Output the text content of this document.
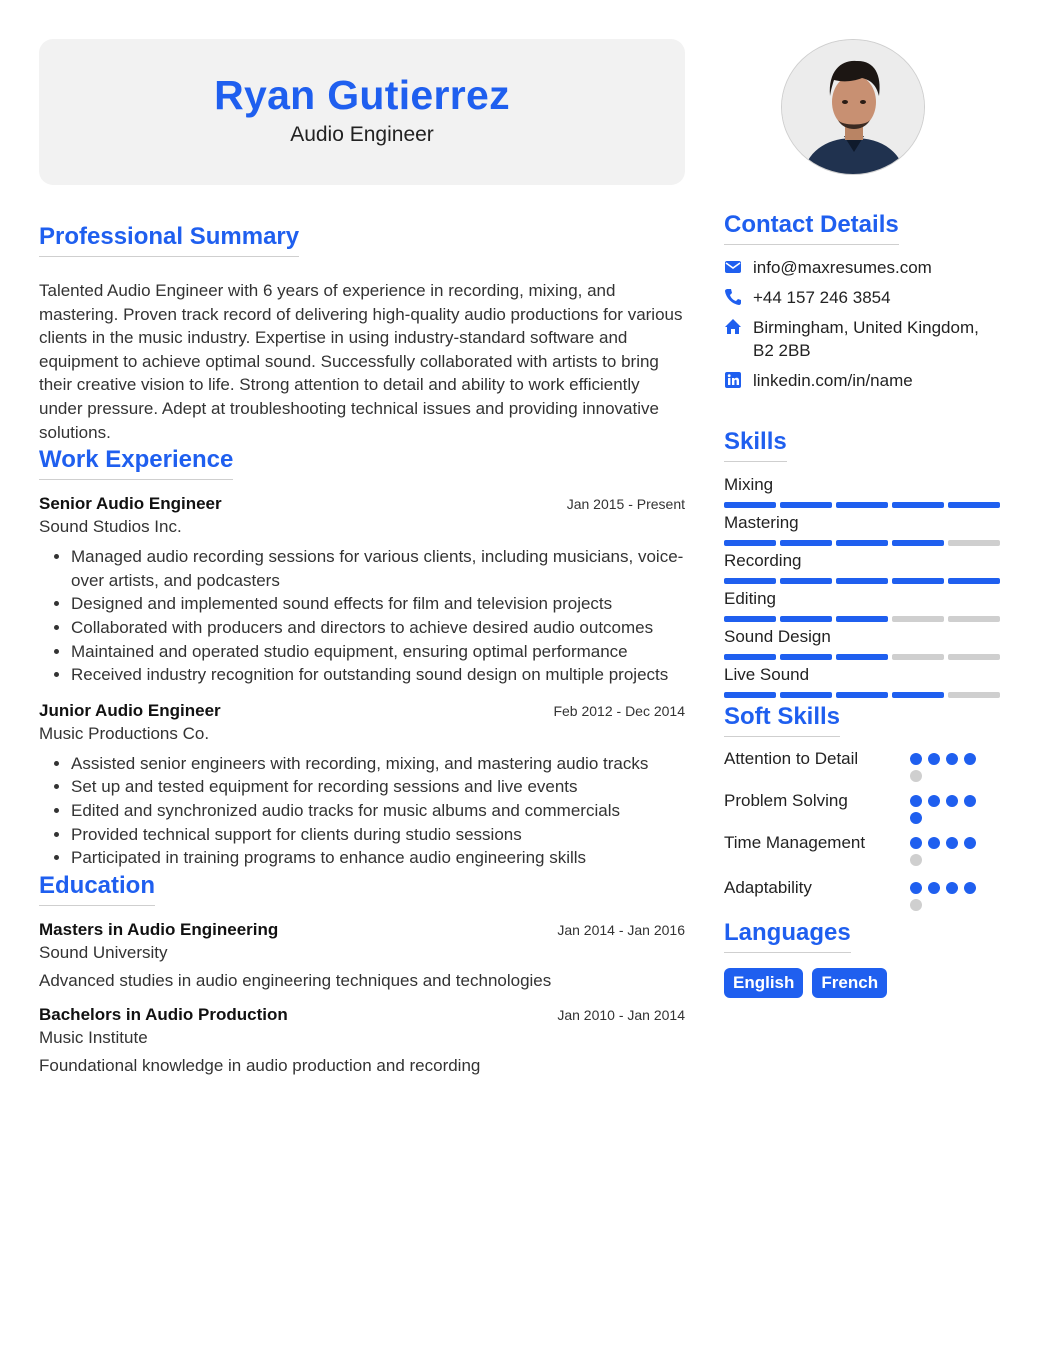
Ryan Gutierrez
Audio Engineer
Professional Summary

Talented Audio Engineer with 6 years of experience in recording, mixing, and mastering. Proven track record of delivering high-quality audio productions for various clients in the music industry. Expertise in using industry-standard software and equipment to achieve optimal sound. Successfully collaborated with artists to bring their creative vision to life. Strong attention to detail and ability to work efficiently under pressure. Adept at troubleshooting technical issues and providing innovative solutions.

Work Experience
Senior Audio Engineer	Jan 2015 - Present
Sound Studios Inc.
• Managed audio recording sessions for various clients, including musicians, voice-over artists, and podcasters
• Designed and implemented sound effects for film and television projects
• Collaborated with producers and directors to achieve desired audio outcomes
• Maintained and operated studio equipment, ensuring optimal performance
• Received industry recognition for outstanding sound design on multiple projects
Junior Audio Engineer	Feb 2012 - Dec 2014
Music Productions Co.
• Assisted senior engineers with recording, mixing, and mastering audio tracks
• Set up and tested equipment for recording sessions and live events
• Edited and synchronized audio tracks for music albums and commercials
• Provided technical support for clients during studio sessions
• Participated in training programs to enhance audio engineering skills
Education
Masters in Audio Engineering	Jan 2014 - Jan 2016
Sound University
Advanced studies in audio engineering techniques and technologies
Bachelors in Audio Production	Jan 2010 - Jan 2014
Music Institute
Foundational knowledge in audio production and recording
Contact Details
info@maxresumes.com
+44 157 246 3854
Birmingham, United Kingdom, B2 2BB
linkedin.com/in/name
Skills
Mixing
Mastering
Recording
Editing
Sound Design
Live Sound
Soft Skills
Attention to Detail
Problem Solving
Time Management
Adaptability
Languages
English	French
